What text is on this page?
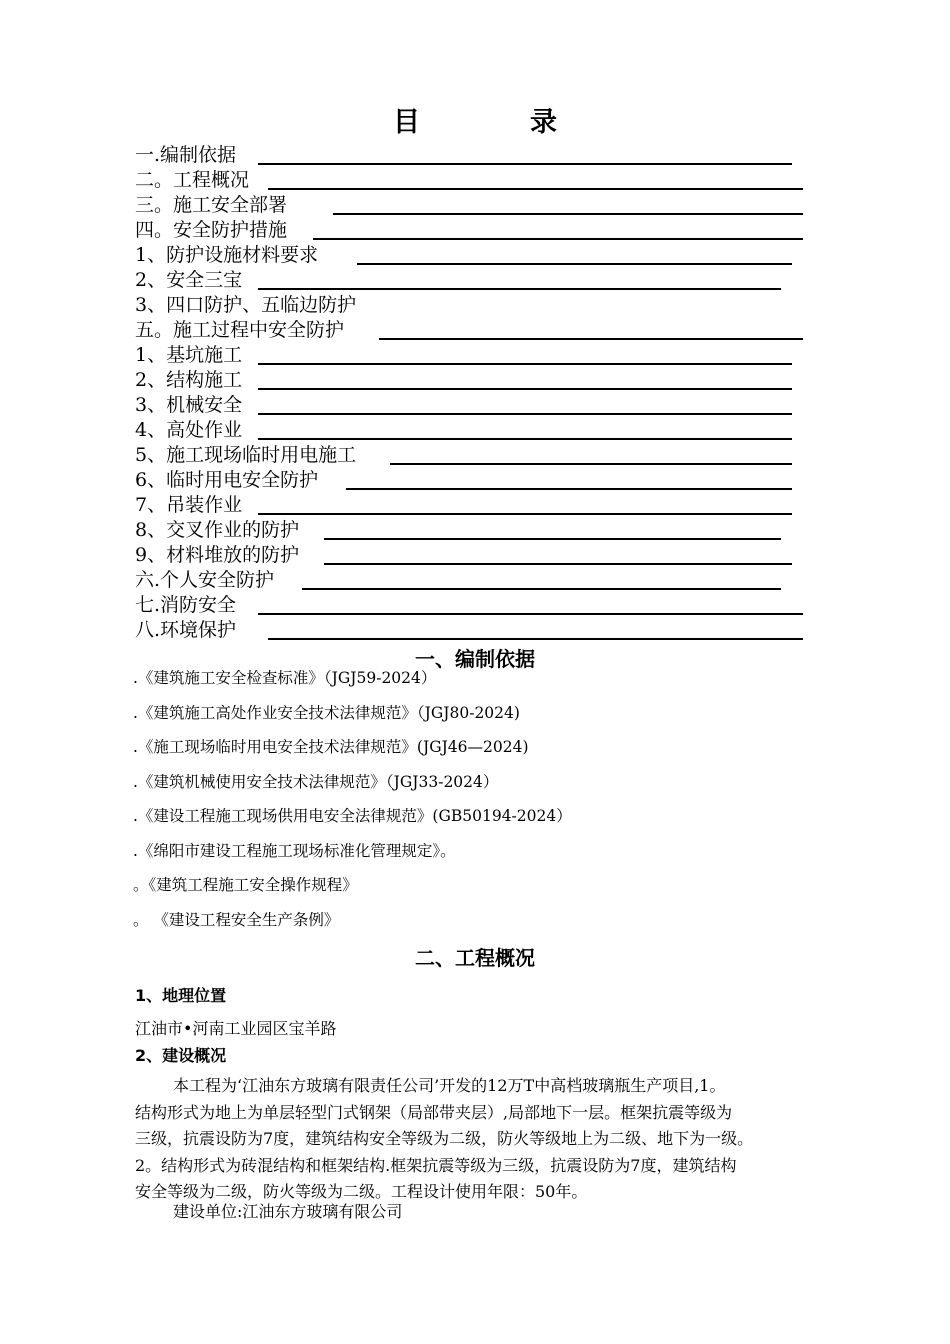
目录
一.编制依据
二。工程概况
三。施工安全部署
四。安全防护措施
1、防护设施材料要求
2、安全三宝
3、四口防护、五临边防护
五。施工过程中安全防护
1、基坑施工
2、结构施工
3、机械安全
4、高处作业
5、施工现场临时用电施工
6、临时用电安全防护
7、吊装作业
8、交叉作业的防护
9、材料堆放的防护
六.个人安全防护
七.消防安全
八.环境保护
一、编制依据
.《建筑施工安全检查标准》（JGJ59-2024）
.《建筑施工高处作业安全技术法律规范》（JGJ80-2024)
.《施工现场临时用电安全技术法律规范》(JGJ46—2024)
.《建筑机械使用安全技术法律规范》（JGJ33-2024）
.《建设工程施工现场供用电安全法律规范》(GB50194-2024）
.《绵阳市建设工程施工现场标准化管理规定》。
。《建筑工程施工安全操作规程》
。 《建设工程安全生产条例》
二、工程概况
1、地理位置
江油市•河南工业园区宝羊路
2、建设概况
本工程为‘江油东方玻璃有限责任公司’开发的12万T中高档玻璃瓶生产项目,1。
结构形式为地上为单层轻型门式钢架（局部带夹层）,局部地下一层。框架抗震等级为
三级，抗震设防为7度，建筑结构安全等级为二级，防火等级地上为二级、地下为一级。
2。结构形式为砖混结构和框架结构.框架抗震等级为三级，抗震设防为7度，建筑结构
安全等级为二级，防火等级为二级。工程设计使用年限：50年。
建设单位:江油东方玻璃有限公司
